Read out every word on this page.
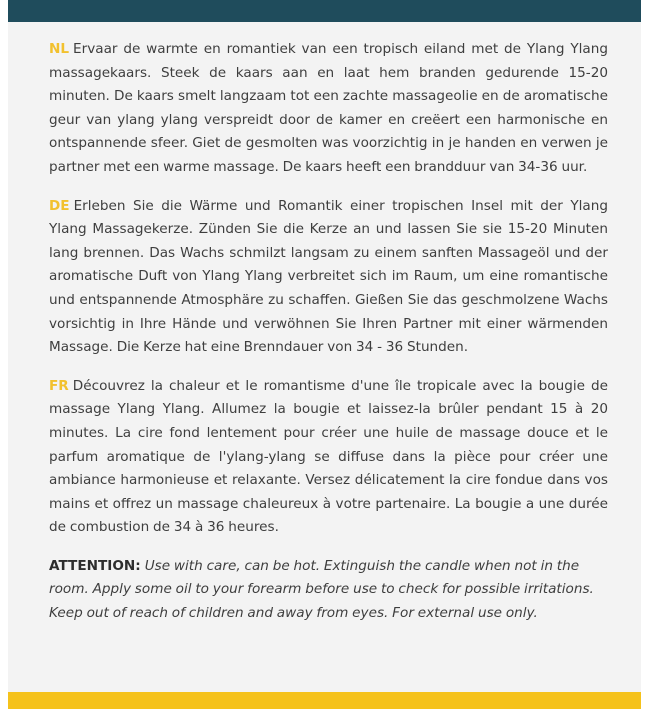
NL Ervaar de warmte en romantiek van een tropisch eiland met de Ylang Ylang massagekaars. Steek de kaars aan en laat hem branden gedurende 15-20 minuten. De kaars smelt langzaam tot een zachte massageolie en de aromatische geur van ylang ylang verspreidt door de kamer en creëert een harmonische en ontspannende sfeer. Giet de gesmolten was voorzichtig in je handen en verwen je partner met een warme massage. De kaars heeft een brandduur van 34-36 uur.

DE Erleben Sie die Wärme und Romantik einer tropischen Insel mit der Ylang Ylang Massagekerze. Zünden Sie die Kerze an und lassen Sie sie 15-20 Minuten lang brennen. Das Wachs schmilzt langsam zu einem sanften Massageöl und der aromatische Duft von Ylang Ylang verbreitet sich im Raum, um eine romantische und entspannende Atmosphäre zu schaffen. Gießen Sie das geschmolzene Wachs vorsichtig in Ihre Hände und verwöhnen Sie Ihren Partner mit einer wärmenden Massage. Die Kerze hat eine Brenndauer von 34 - 36 Stunden.

FR Découvrez la chaleur et le romantisme d'une île tropicale avec la bougie de massage Ylang Ylang. Allumez la bougie et laissez-la brûler pendant 15 à 20 minutes. La cire fond lentement pour créer une huile de massage douce et le parfum aromatique de l'ylang-ylang se diffuse dans la pièce pour créer une ambiance harmonieuse et relaxante. Versez délicatement la cire fondue dans vos mains et offrez un massage chaleureux à votre partenaire. La bougie a une durée de combustion de 34 à 36 heures.

ATTENTION: Use with care, can be hot. Extinguish the candle when not in the room. Apply some oil to your forearm before use to check for possible irritations. Keep out of reach of children and away from eyes. For external use only.
